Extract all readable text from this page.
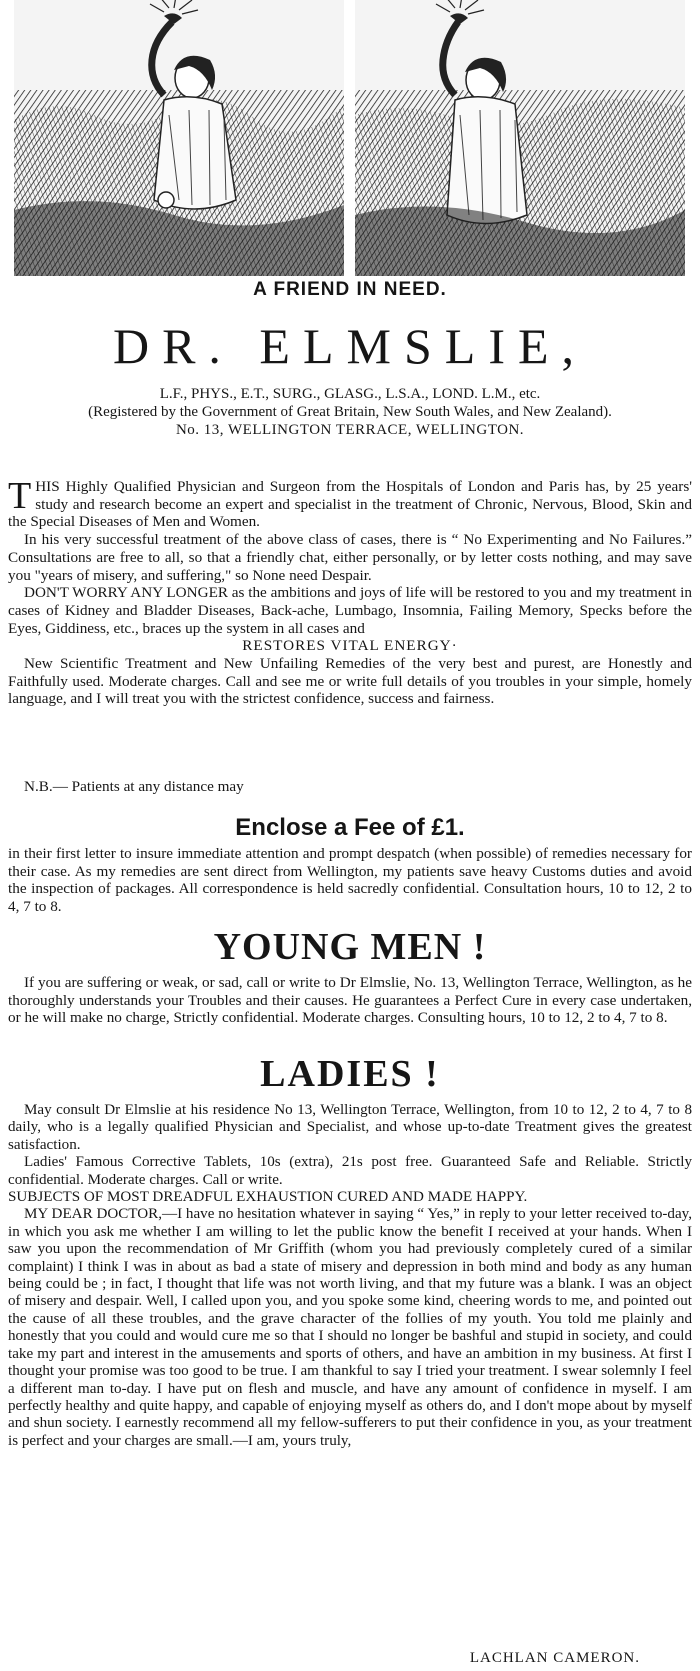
A FRIEND IN NEED.
DR. ELMSLIE,
L.F., PHYS., E.T., SURG., GLASG., L.S.A., LOND. L.M., etc.
(Registered by the Government of Great Britain, New South Wales, and New Zealand).
No. 13, WELLINGTON TERRACE, WELLINGTON.

THIS Highly Qualified Physician and Surgeon from the Hospitals of London and Paris has, by 25 years' study and research become an expert and specialist in the treatment of Chronic, Nervous, Blood, Skin and the Special Diseases of Men and Women.

In his very successful treatment of the above class of cases, there is “ No Experimenting and No Failures.” Consultations are free to all, so that a friendly chat, either personally, or by letter costs nothing, and may save you "years of misery, and suffering," so None need Despair.

DON'T WORRY ANY LONGER as the ambitions and joys of life will be restored to you and my treatment in cases of Kidney and Bladder Diseases, Back-ache, Lumbago, Insomnia, Failing Memory, Specks before the Eyes, Giddiness, etc., braces up the system in all cases and

RESTORES VITAL ENERGY·

New Scientific Treatment and New Unfailing Remedies of the very best and purest, are Honestly and Faithfully used. Moderate charges. Call and see me or write full details of you troubles in your simple, homely language, and I will treat you with the strictest confidence, success and fairness.

N.B.— Patients at any distance may
Enclose a Fee of £1.

in their first letter to insure immediate attention and prompt despatch (when possible) of remedies necessary for their case. As my remedies are sent direct from Wellington, my patients save heavy Customs duties and avoid the inspection of packages. All correspondence is held sacredly confidential. Consultation hours, 10 to 12, 2 to 4, 7 to 8.

YOUNG MEN !

If you are suffering or weak, or sad, call or write to Dr Elmslie, No. 13, Wellington Terrace, Wellington, as he thoroughly understands your Troubles and their causes. He guarantees a Perfect Cure in every case undertaken, or he will make no charge, Strictly confidential. Moderate charges. Consulting hours, 10 to 12, 2 to 4, 7 to 8.

LADIES !

May consult Dr Elmslie at his residence No 13, Wellington Terrace, Wellington, from 10 to 12, 2 to 4, 7 to 8 daily, who is a legally qualified Physician and Specialist, and whose up-to-date Treatment gives the greatest satisfaction.

Ladies' Famous Corrective Tablets, 10s (extra), 21s post free. Guaranteed Safe and Reliable. Strictly confidential. Moderate charges. Call or write.

SUBJECTS OF MOST DREADFUL EXHAUSTION CURED AND MADE HAPPY.

MY DEAR DOCTOR,—I have no hesitation whatever in saying “ Yes,” in reply to your letter received to-day, in which you ask me whether I am willing to let the public know the benefit I received at your hands. When I saw you upon the recommendation of Mr Griffith (whom you had previously completely cured of a similar complaint) I think I was in about as bad a state of misery and depression in both mind and body as any human being could be ; in fact, I thought that life was not worth living, and that my future was a blank. I was an object of misery and despair. Well, I called upon you, and you spoke some kind, cheering words to me, and pointed out the cause of all these troubles, and the grave character of the follies of my youth. You told me plainly and honestly that you could and would cure me so that I should no longer be bashful and stupid in society, and could take my part and interest in the amusements and sports of others, and have an ambition in my business. At first I thought your promise was too good to be true. I am thankful to say I tried your treatment. I swear solemnly I feel a different man to-day. I have put on flesh and muscle, and have any amount of confidence in myself. I am perfectly healthy and quite happy, and capable of enjoying myself as others do, and I don't mope about by myself and shun society. I earnestly recommend all my fellow-sufferers to put their confidence in you, as your treatment is perfect and your charges are small.—I am, yours truly,

LACHLAN CAMERON.
